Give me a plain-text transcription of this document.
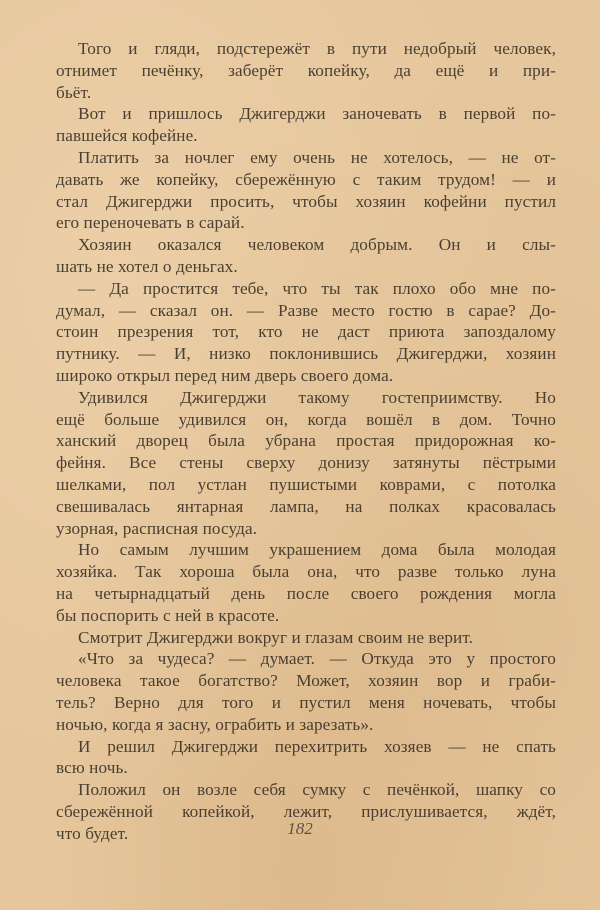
Того и гляди, подстережёт в пути недобрый человек,
отнимет печёнку, заберёт копейку, да ещё и при-
бьёт.
Вот и пришлось Джигерджи заночевать в первой по-
павшейся кофейне.
Платить за ночлег ему очень не хотелось, — не от-
давать же копейку, сбережённую с таким трудом! — и
стал Джигерджи просить, чтобы хозяин кофейни пустил
его переночевать в сарай.
Хозяин оказался человеком добрым. Он и слы-
шать не хотел о деньгах.
— Да простится тебе, что ты так плохо обо мне по-
думал, — сказал он. — Разве место гостю в сарае? До-
стоин презрения тот, кто не даст приюта запоздалому
путнику. — И, низко поклонившись Джигерджи, хозяин
широко открыл перед ним дверь своего дома.
Удивился Джигерджи такому гостеприимству. Но
ещё больше удивился он, когда вошёл в дом. Точно
ханский дворец была убрана простая придорожная ко-
фейня. Все стены сверху донизу затянуты пёстрыми
шелками, пол устлан пушистыми коврами, с потолка
свешивалась янтарная лампа, на полках красовалась
узорная, расписная посуда.
Но самым лучшим украшением дома была молодая
хозяйка. Так хороша была она, что разве только луна
на четырнадцатый день после своего рождения могла
бы поспорить с ней в красоте.
Смотрит Джигерджи вокруг и глазам своим не верит.
«Что за чудеса? — думает. — Откуда это у простого
человека такое богатство? Может, хозяин вор и граби-
тель? Верно для того и пустил меня ночевать, чтобы
ночью, когда я засну, ограбить и зарезать».
И решил Джигерджи перехитрить хозяев — не спать
всю ночь.
Положил он возле себя сумку с печёнкой, шапку со
сбережённой копейкой, лежит, прислушивается, ждёт,
что будет.	182
